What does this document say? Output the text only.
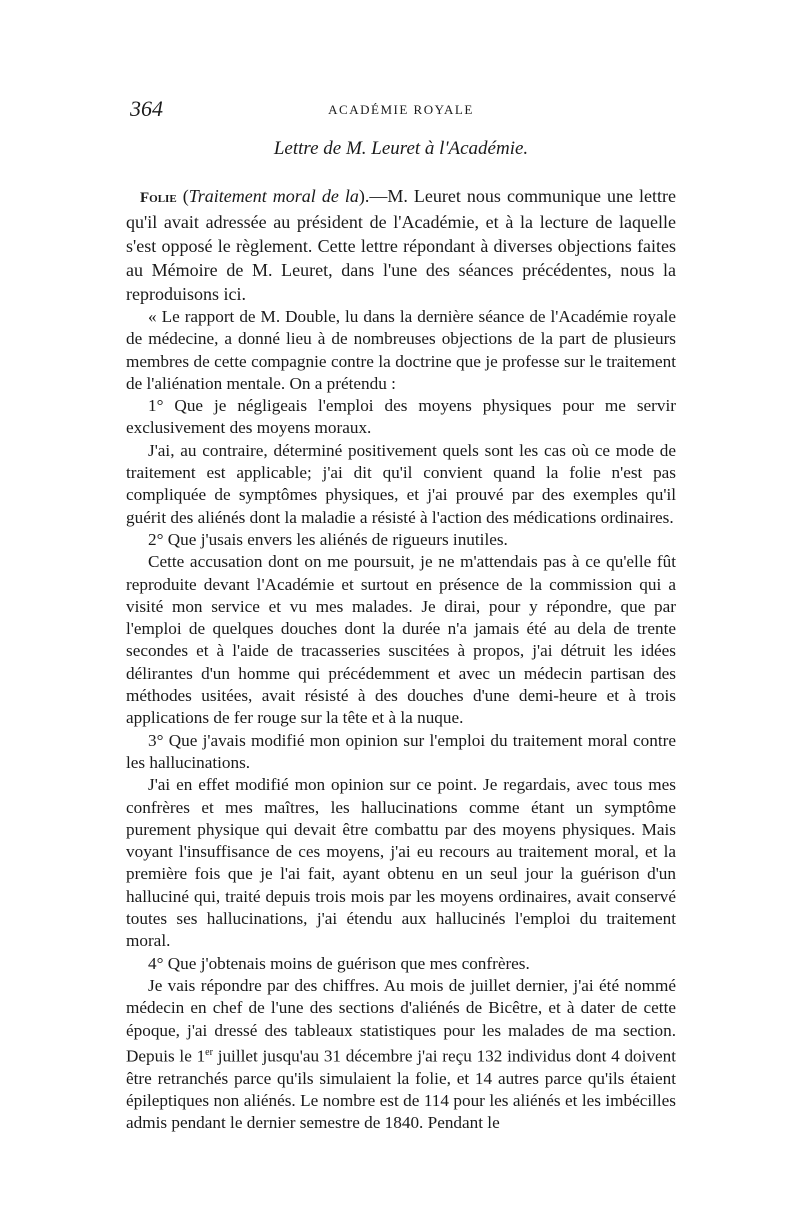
364	ACADÉMIE ROYALE
Lettre de M. Leuret à l'Académie.

Folie (Traitement moral de la).—M. Leuret nous communique une lettre qu'il avait adressée au président de l'Académie, et à la lecture de laquelle s'est opposé le règlement. Cette lettre répondant à diverses objections faites au Mémoire de M. Leuret, dans l'une des séances précédentes, nous la reproduisons ici.

« Le rapport de M. Double, lu dans la dernière séance de l'Académie royale de médecine, a donné lieu à de nombreuses objections de la part de plusieurs membres de cette compagnie contre la doctrine que je professe sur le traitement de l'aliénation mentale. On a prétendu :

1° Que je négligeais l'emploi des moyens physiques pour me servir exclusivement des moyens moraux.

J'ai, au contraire, déterminé positivement quels sont les cas où ce mode de traitement est applicable; j'ai dit qu'il convient quand la folie n'est pas compliquée de symptômes physiques, et j'ai prouvé par des exemples qu'il guérit des aliénés dont la maladie a résisté à l'action des médications ordinaires.

2° Que j'usais envers les aliénés de rigueurs inutiles.

Cette accusation dont on me poursuit, je ne m'attendais pas à ce qu'elle fût reproduite devant l'Académie et surtout en présence de la commission qui a visité mon service et vu mes malades. Je dirai, pour y répondre, que par l'emploi de quelques douches dont la durée n'a jamais été au dela de trente secondes et à l'aide de tracasseries suscitées à propos, j'ai détruit les idées délirantes d'un homme qui précédemment et avec un médecin partisan des méthodes usitées, avait résisté à des douches d'une demi-heure et à trois applications de fer rouge sur la tête et à la nuque.

3° Que j'avais modifié mon opinion sur l'emploi du traitement moral contre les hallucinations.

J'ai en effet modifié mon opinion sur ce point. Je regardais, avec tous mes confrères et mes maîtres, les hallucinations comme étant un symptôme purement physique qui devait être combattu par des moyens physiques. Mais voyant l'insuffisance de ces moyens, j'ai eu recours au traitement moral, et la première fois que je l'ai fait, ayant obtenu en un seul jour la guérison d'un halluciné qui, traité depuis trois mois par les moyens ordinaires, avait conservé toutes ses hallucinations, j'ai étendu aux hallucinés l'emploi du traitement moral.

4° Que j'obtenais moins de guérison que mes confrères.

Je vais répondre par des chiffres. Au mois de juillet dernier, j'ai été nommé médecin en chef de l'une des sections d'aliénés de Bicêtre, et à dater de cette époque, j'ai dressé des tableaux statistiques pour les malades de ma section. Depuis le 1er juillet jusqu'au 31 décembre j'ai reçu 132 individus dont 4 doivent être retranchés parce qu'ils simulaient la folie, et 14 autres parce qu'ils étaient épileptiques non aliénés. Le nombre est de 114 pour les aliénés et les imbécilles admis pendant le dernier semestre de 1840. Pendant le
